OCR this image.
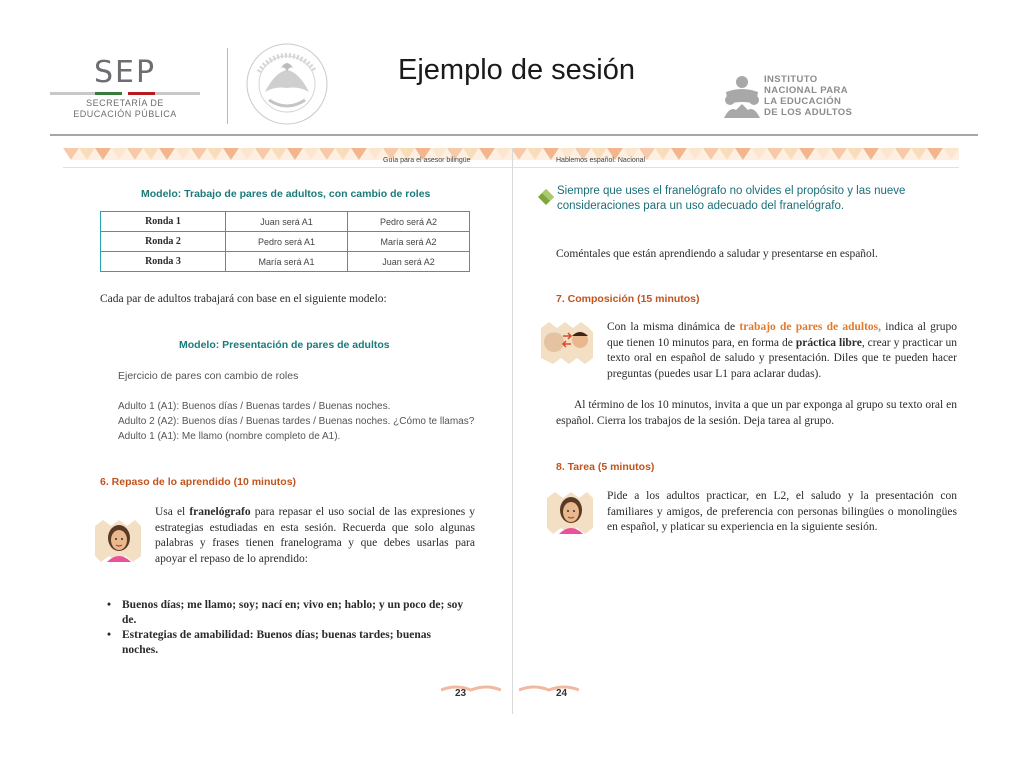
SEP
SECRETARÍA DE
EDUCACIÓN PÚBLICA
Ejemplo de sesión	INSTITUTO
NACIONAL PARA
LA EDUCACIÓN
DE LOS ADULTOS
Guía para el asesor bilingüe
Modelo: Trabajo de pares de adultos, con cambio de roles
Ronda 1	Juan será A1	Pedro será A2
Ronda 2	Pedro será A1	María será A2
Ronda 3	María será A1	Juan será A2
Cada par de adultos trabajará con base en el siguiente modelo:
Modelo: Presentación de pares de adultos
Ejercicio de pares con cambio de roles
Adulto 1 (A1): Buenos días / Buenas tardes / Buenas noches.
Adulto 2 (A2): Buenos días / Buenas tardes / Buenas noches. ¿Cómo te llamas?
Adulto 1 (A1): Me llamo (nombre completo de A1).
6. Repaso de lo aprendido (10 minutos)
Usa el franelógrafo para repasar el uso social de las expresiones y estrategias estudiadas en esta sesión. Recuerda que solo algunas palabras y frases tienen franelograma y que debes usarlas para apoyar el repaso de lo aprendido:
• Buenos días; me llamo; soy; nací en; vivo en; hablo; y un poco de; soy de.
• Estrategias de amabilidad: Buenos días; buenas tardes; buenas noches.
23
Hablemos español. Nacional
Siempre que uses el franelógrafo no olvides el propósito y las nueve consideraciones para un uso adecuado del franelógrafo.
Coméntales que están aprendiendo a saludar y presentarse en español.
7. Composición (15 minutos)
Con la misma dinámica de trabajo de pares de adultos, indica al grupo que tienen 10 minutos para, en forma de práctica libre, crear y practicar un texto oral en español de saludo y presentación. Diles que te pueden hacer preguntas (puedes usar L1 para aclarar dudas).
Al término de los 10 minutos, invita a que un par exponga al grupo su texto oral en español. Cierra los trabajos de la sesión. Deja tarea al grupo.
8. Tarea (5 minutos)
Pide a los adultos practicar, en L2, el saludo y la presentación con familiares y amigos, de preferencia con personas bilingües o monolingües en español, y platicar su experiencia en la siguiente sesión.
24
